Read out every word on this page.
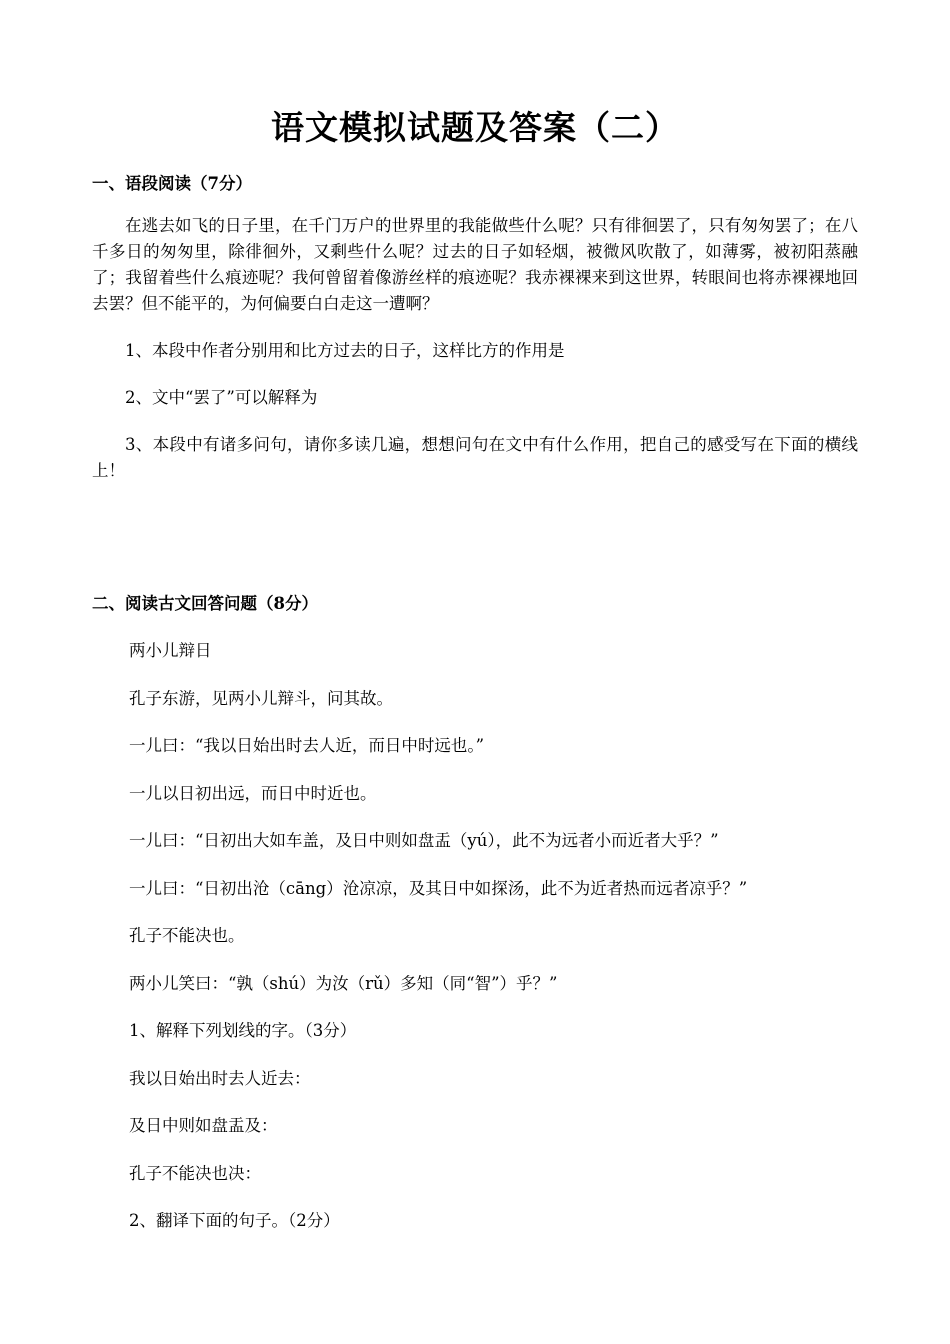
语文模拟试题及答案（二）

一、语段阅读（7分）

在逃去如飞的日子里，在千门万户的世界里的我能做些什么呢？只有徘徊罢了，只有匆匆罢了；在八千多日的匆匆里，除徘徊外，又剩些什么呢？过去的日子如轻烟，被微风吹散了，如薄雾，被初阳蒸融了；我留着些什么痕迹呢？我何曾留着像游丝样的痕迹呢？我赤裸裸来到这世界，转眼间也将赤裸裸地回去罢？但不能平的，为何偏要白白走这一遭啊？

1、本段中作者分别用和比方过去的日子，这样比方的作用是

2、文中“罢了”可以解释为

3、本段中有诸多问句，请你多读几遍，想想问句在文中有什么作用，把自己的感受写在下面的横线上！

二、阅读古文回答问题（8分）

两小儿辩日

孔子东游，见两小儿辩斗，问其故。

一儿曰：“我以日始出时去人近，而日中时远也。”

一儿以日初出远，而日中时近也。

一儿曰：“日初出大如车盖，及日中则如盘盂（yú），此不为远者小而近者大乎？”

一儿曰：“日初出沧（cāng）沧凉凉，及其日中如探汤，此不为近者热而远者凉乎？”

孔子不能决也。

两小儿笑曰：“孰（shú）为汝（rǔ）多知（同“智”）乎？”

1、解释下列划线的字。（3分）

我以日始出时去人近去：

及日中则如盘盂及：

孔子不能决也决：

2、翻译下面的句子。（2分）
